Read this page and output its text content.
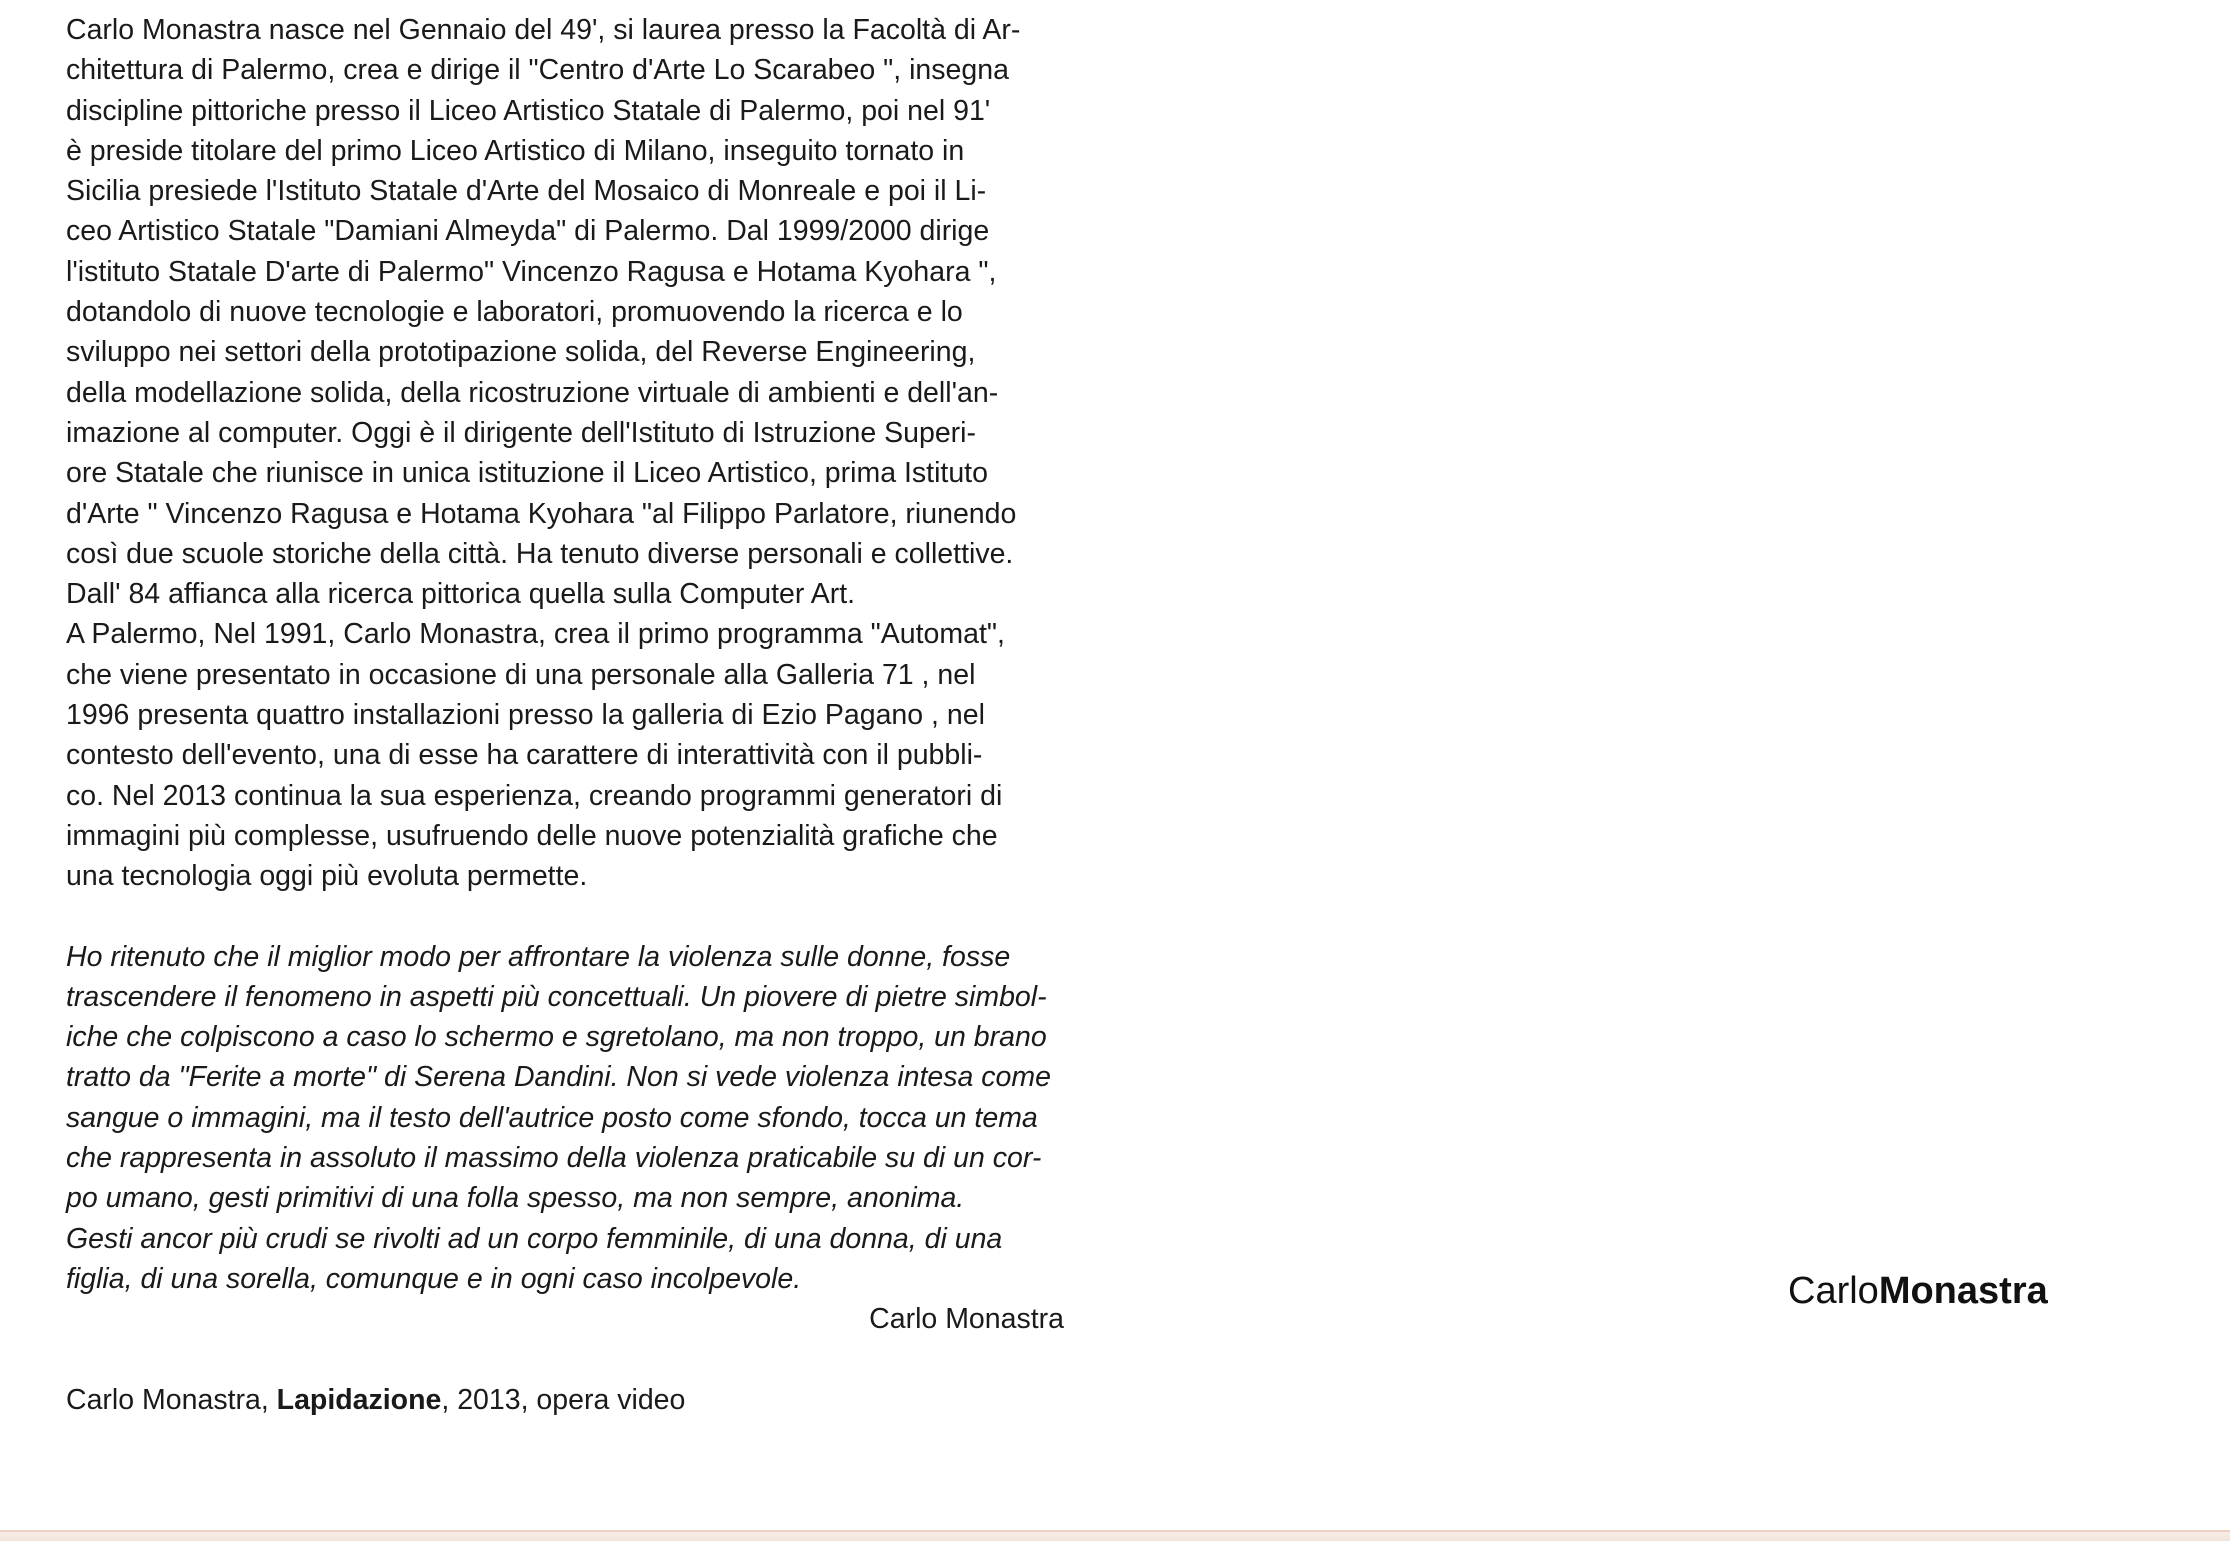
Carlo Monastra nasce nel Gennaio del 49', si laurea presso la Facoltà di Ar-
chitettura di Palermo, crea e dirige il "Centro d'Arte Lo Scarabeo ", insegna
discipline pittoriche presso il Liceo Artistico Statale di Palermo, poi nel 91'
è preside titolare del primo Liceo Artistico di Milano, inseguito tornato in
Sicilia presiede l'Istituto Statale d'Arte del Mosaico di Monreale e poi il Li-
ceo Artistico Statale "Damiani Almeyda" di Palermo. Dal 1999/2000 dirige
l'istituto Statale D'arte di Palermo" Vincenzo Ragusa e Hotama Kyohara ",
dotandolo di nuove tecnologie e laboratori, promuovendo la ricerca e lo
sviluppo nei settori della prototipazione solida, del Reverse Engineering,
della modellazione solida, della ricostruzione virtuale di ambienti e dell'an-
imazione al computer. Oggi è il dirigente dell'Istituto di Istruzione Superi-
ore Statale che riunisce in unica istituzione il Liceo Artistico, prima Istituto
d'Arte " Vincenzo Ragusa e Hotama Kyohara "al Filippo Parlatore, riunendo
così due scuole storiche della città. Ha tenuto diverse personali e collettive.
Dall' 84 affianca alla ricerca pittorica quella sulla Computer Art.
A Palermo, Nel 1991, Carlo Monastra, crea il primo programma "Automat",
che viene presentato in occasione di una personale alla Galleria 71 , nel
1996 presenta quattro installazioni presso la galleria di Ezio Pagano , nel
contesto dell'evento, una di esse ha carattere di interattività con il pubbli-
co. Nel 2013 continua la sua esperienza, creando programmi generatori di
immagini più complesse, usufruendo delle nuove potenzialità grafiche che
una tecnologia oggi più evoluta permette.

Ho ritenuto che il miglior modo per affrontare la violenza sulle donne, fosse
trascendere il fenomeno in aspetti più concettuali. Un piovere di pietre simbol-
iche che colpiscono a caso lo schermo e sgretolano, ma non troppo, un brano
tratto da "Ferite a morte" di Serena Dandini. Non si vede violenza intesa come
sangue o immagini, ma il testo dell'autrice posto come sfondo, tocca un tema
che rappresenta in assoluto il massimo della violenza praticabile su di un cor-
po umano, gesti primitivi di una folla spesso, ma non sempre, anonima.
Gesti ancor più crudi se rivolti ad un corpo femminile, di una donna, di una
figlia, di una sorella, comunque e in ogni caso incolpevole.

Carlo Monastra
Carlo Monastra, Lapidazione, 2013, opera video
CarloMonastra
